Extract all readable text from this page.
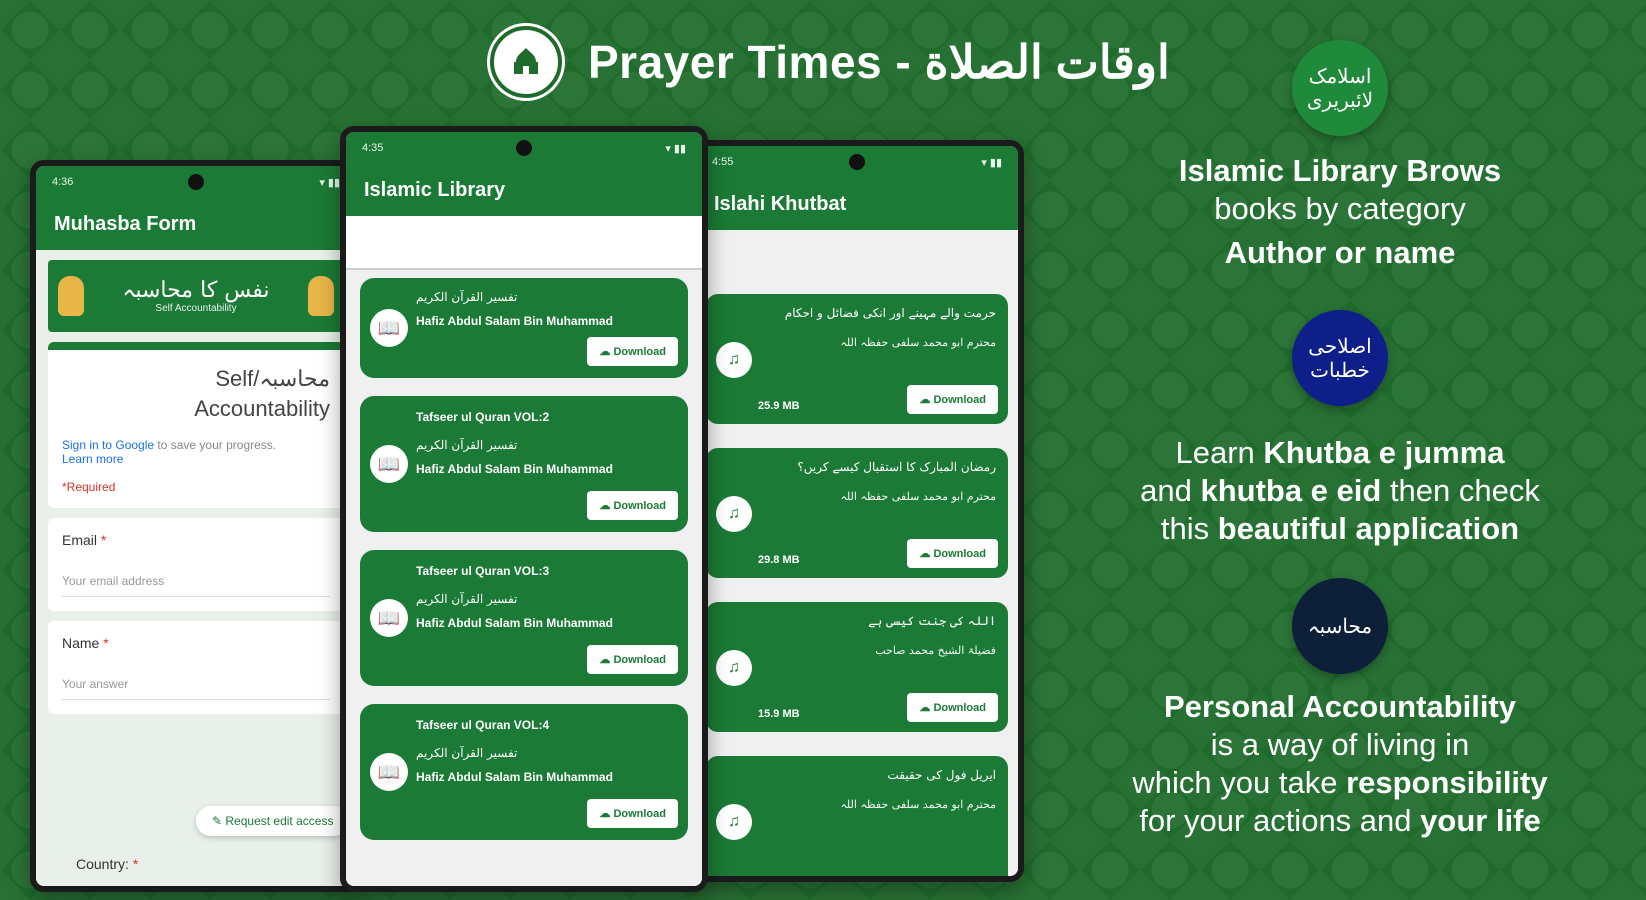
Prayer Times - اوقات الصلاة
4:36	▾ ▮▮
Muhasba Form
نفس کا محاسبہ
Self Accountability
Self/محاسبہ
Accountability
Sign in to Google to save your progress.
Learn more
*Required
Email *
Your email address
Name *
Your answer
✎ Request edit access
Country: *
4:55	▾ ▮▮
Islahi Khutbat
حرمت والے مہینے اور انکی فضائل و احکام
محترم ابو محمد سلفی حفظہ اللہ
♫
25.9 MB	☁ Download
رمضان المبارک کا استقبال کیسے کریں؟
محترم ابو محمد سلفی حفظہ اللہ
♫
29.8 MB	☁ Download
اللہ کی جنت کیسی ہے
فضیلۃ الشیخ محمد صاحب
♫
15.9 MB	☁ Download
ایریل فول کی حقیقت
محترم ابو محمد سلفی حفظہ اللہ
♫
4:35	▾ ▮▮
Islamic Library
📖
تفسير القرآن الكريم
Hafiz Abdul Salam Bin Muhammad
☁ Download
Tafseer ul Quran VOL:2
📖
تفسير القرآن الكريم
Hafiz Abdul Salam Bin Muhammad
☁ Download
Tafseer ul Quran VOL:3
📖
تفسير القرآن الكريم
Hafiz Abdul Salam Bin Muhammad
☁ Download
Tafseer ul Quran VOL:4
📖
تفسير القرآن الكريم
Hafiz Abdul Salam Bin Muhammad
☁ Download
اسلامک لائبریری
Islamic Library Brows
books by category
Author or name
اصلاحی خطبات
Learn Khutba e jumma
and khutba e eid then check
this beautiful application
محاسبہ
Personal Accountability
is a way of living in
which you take responsibility
for your actions and your life
